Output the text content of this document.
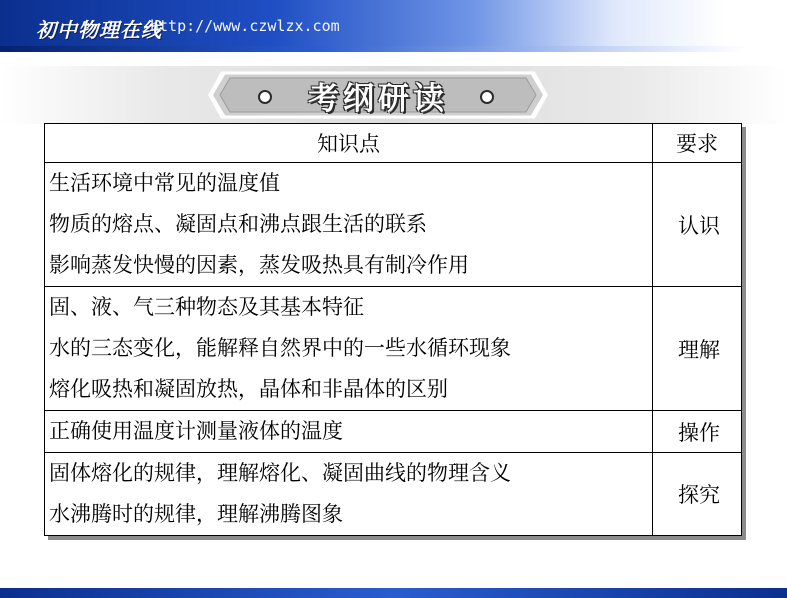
初中物理在线
http://www.czwlzx.com
考纲研读
知识点	要求

生活环境中常见的温度值
物质的熔点、凝固点和沸点跟生活的联系
影响蒸发快慢的因素，蒸发吸热具有制冷作用	认识

固、液、气三种物态及其基本特征
水的三态变化，能解释自然界中的一些水循环现象
熔化吸热和凝固放热，晶体和非晶体的区别	理解

正确使用温度计测量液体的温度	操作

固体熔化的规律，理解熔化、凝固曲线的物理含义
水沸腾时的规律，理解沸腾图象	探究
